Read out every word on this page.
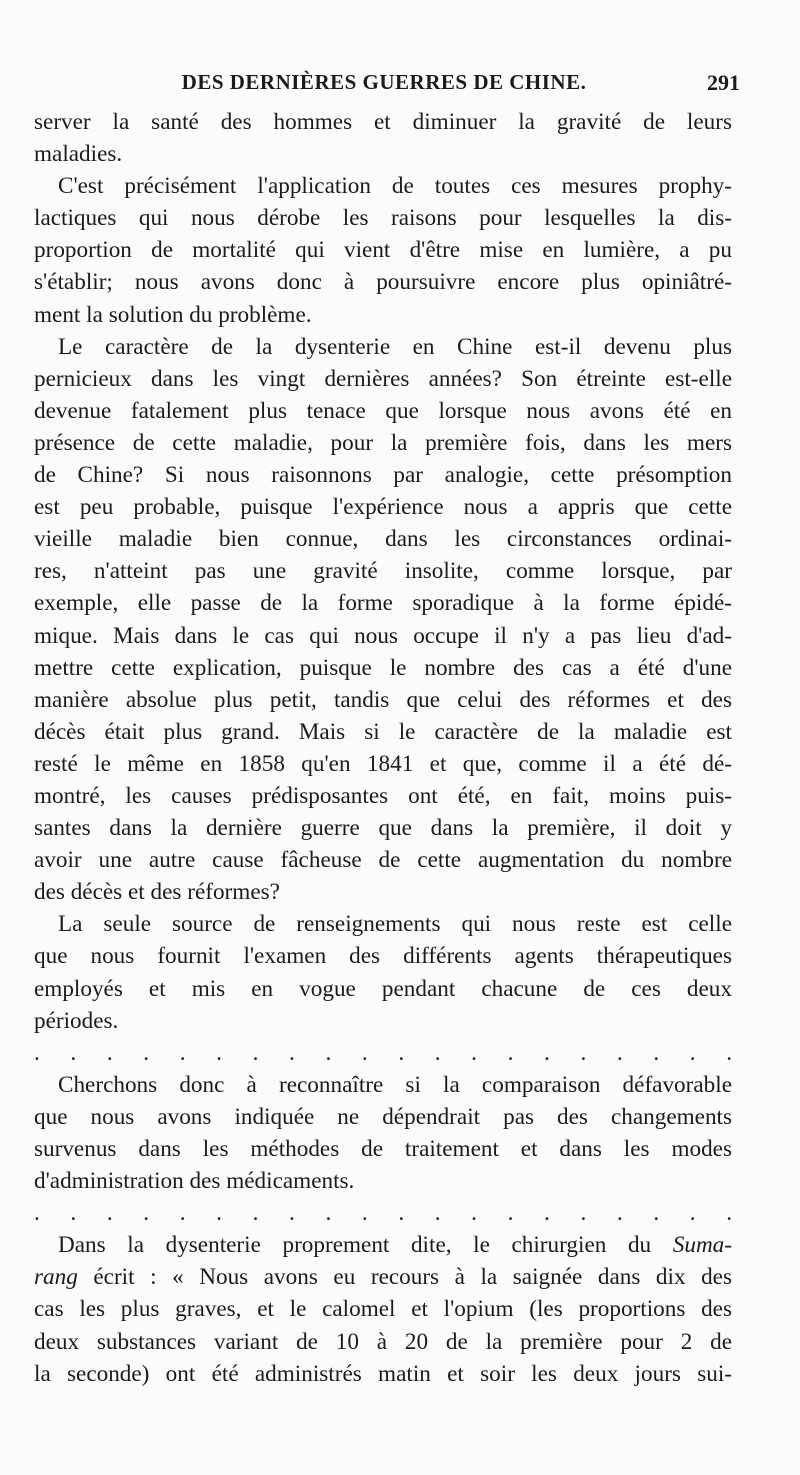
DES DERNIÈRES GUERRES DE CHINE.	291
server la santé des hommes et diminuer la gravité de leurs
maladies.
C'est précisément l'application de toutes ces mesures prophy-
lactiques qui nous dérobe les raisons pour lesquelles la dis-
proportion de mortalité qui vient d'être mise en lumière, a pu
s'établir; nous avons donc à poursuivre encore plus opiniâtré-
ment la solution du problème.
Le caractère de la dysenterie en Chine est-il devenu plus
pernicieux dans les vingt dernières années? Son étreinte est-elle
devenue fatalement plus tenace que lorsque nous avons été en
présence de cette maladie, pour la première fois, dans les mers
de Chine? Si nous raisonnons par analogie, cette présomption
est peu probable, puisque l'expérience nous a appris que cette
vieille maladie bien connue, dans les circonstances ordinai-
res, n'atteint pas une gravité insolite, comme lorsque, par
exemple, elle passe de la forme sporadique à la forme épidé-
mique. Mais dans le cas qui nous occupe il n'y a pas lieu d'ad-
mettre cette explication, puisque le nombre des cas a été d'une
manière absolue plus petit, tandis que celui des réformes et des
décès était plus grand. Mais si le caractère de la maladie est
resté le même en 1858 qu'en 1841 et que, comme il a été dé-
montré, les causes prédisposantes ont été, en fait, moins puis-
santes dans la dernière guerre que dans la première, il doit y
avoir une autre cause fâcheuse de cette augmentation du nombre
des décès et des réformes?
La seule source de renseignements qui nous reste est celle
que nous fournit l'examen des différents agents thérapeutiques
employés et mis en vogue pendant chacune de ces deux
périodes.
. . . . . . . . . . . . . . . . . . . .
Cherchons donc à reconnaître si la comparaison défavorable
que nous avons indiquée ne dépendrait pas des changements
survenus dans les méthodes de traitement et dans les modes
d'administration des médicaments.
. . . . . . . . . . . . . . . . . . . .
Dans la dysenterie proprement dite, le chirurgien du Suma-
rang écrit : « Nous avons eu recours à la saignée dans dix des
cas les plus graves, et le calomel et l'opium (les proportions des
deux substances variant de 10 à 20 de la première pour 2 de
la seconde) ont été administrés matin et soir les deux jours sui-
